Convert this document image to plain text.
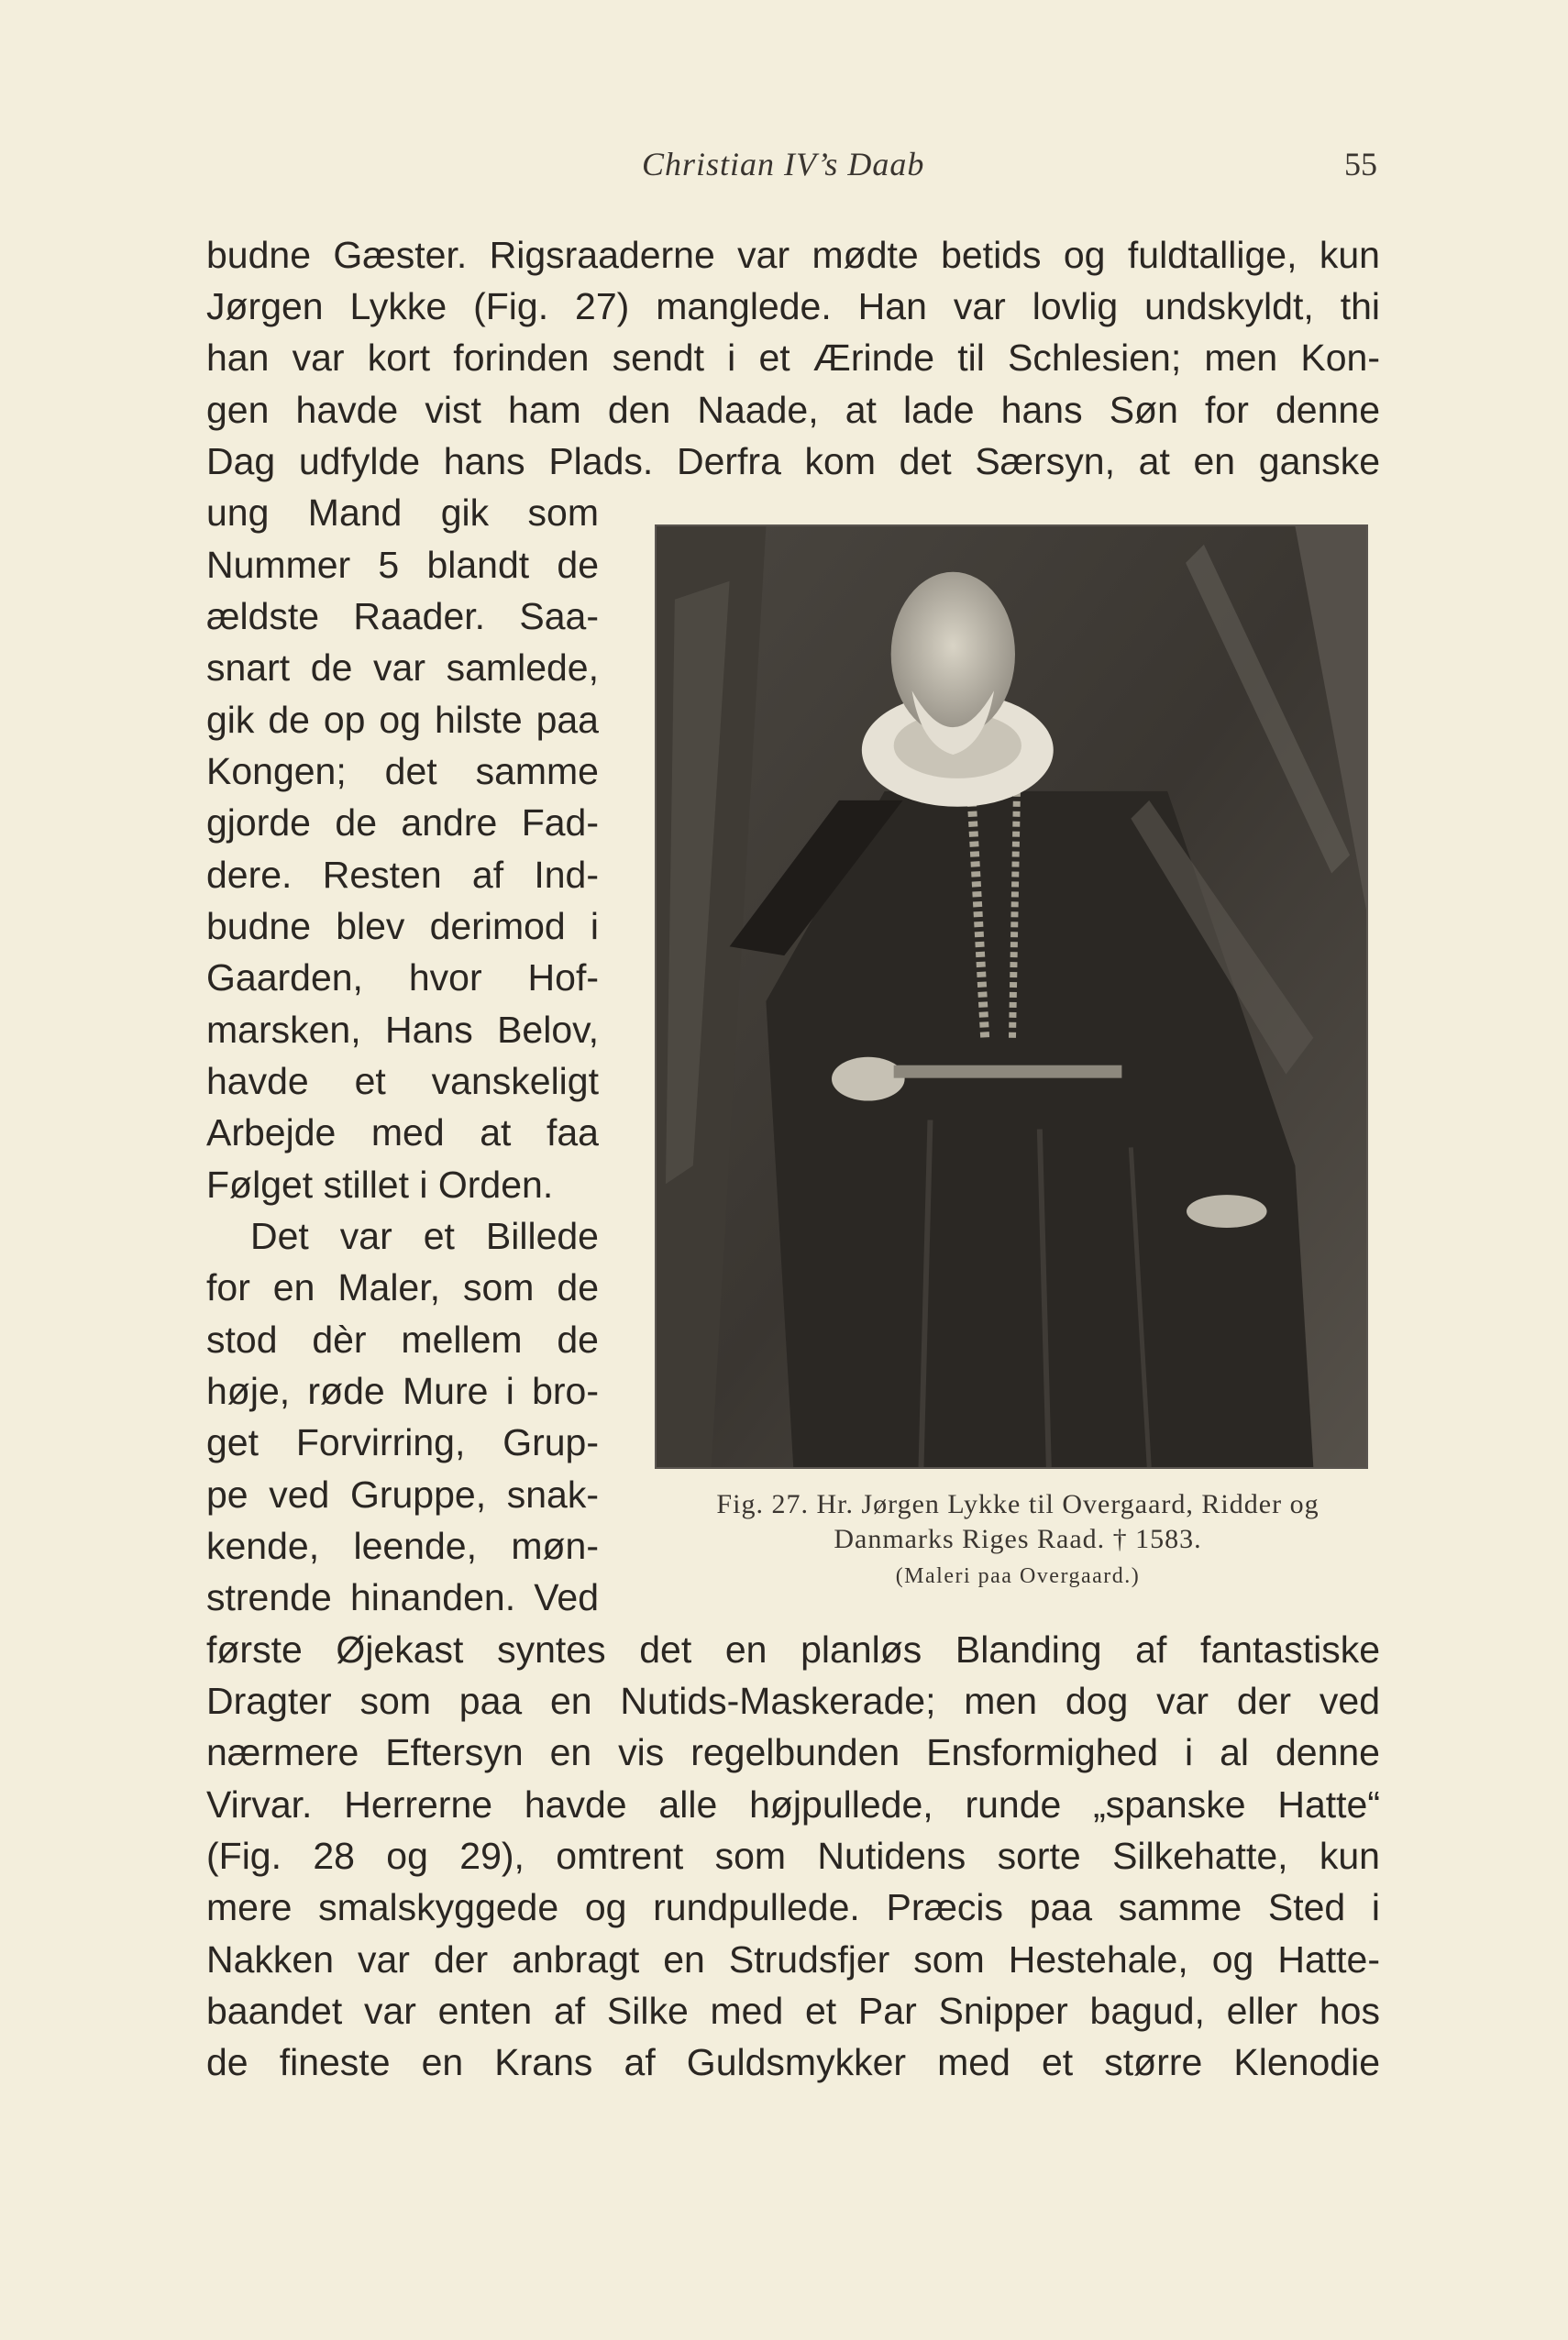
Christian IV’s Daab	55
budne Gæster. Rigsraaderne var mødte betids og fuldtallige, kun
Jørgen Lykke (Fig. 27) manglede. Han var lovlig undskyldt, thi
han var kort forinden sendt i et Ærinde til Schlesien; men Kon-
gen havde vist ham den Naade, at lade hans Søn for denne
Dag udfylde hans Plads. Derfra kom det Særsyn, at en ganske
ung Mand gik som
Nummer 5 blandt de
ældste Raader. Saa-
snart de var samlede,
gik de op og hilste paa
Kongen; det samme
gjorde de andre Fad-
dere. Resten af Ind-
budne blev derimod i
Gaarden, hvor Hof-
marsken, Hans Belov,
havde et vanskeligt
Arbejde med at faa
Følget stillet i Orden.
Det var et Billede
for en Maler, som de
stod dèr mellem de
høje, røde Mure i bro-
get Forvirring, Grup-
pe ved Gruppe, snak-
kende, leende, møn-
strende hinanden. Ved
første Øjekast syntes det en planløs Blanding af fantastiske
Dragter som paa en Nutids-Maskerade; men dog var der ved
nærmere Eftersyn en vis regelbunden Ensformighed i al denne
Virvar. Herrerne havde alle højpullede, runde „spanske Hatte“
(Fig. 28 og 29), omtrent som Nutidens sorte Silkehatte, kun
mere smalskyggede og rundpullede. Præcis paa samme Sted i
Nakken var der anbragt en Strudsfjer som Hestehale, og Hatte-
baandet var enten af Silke med et Par Snipper bagud, eller hos
de fineste en Krans af Guldsmykker med et større Klenodie
Fig. 27. Hr. Jørgen Lykke til Overgaard, Ridder og
Danmarks Riges Raad. † 1583.
(Maleri paa Overgaard.)
